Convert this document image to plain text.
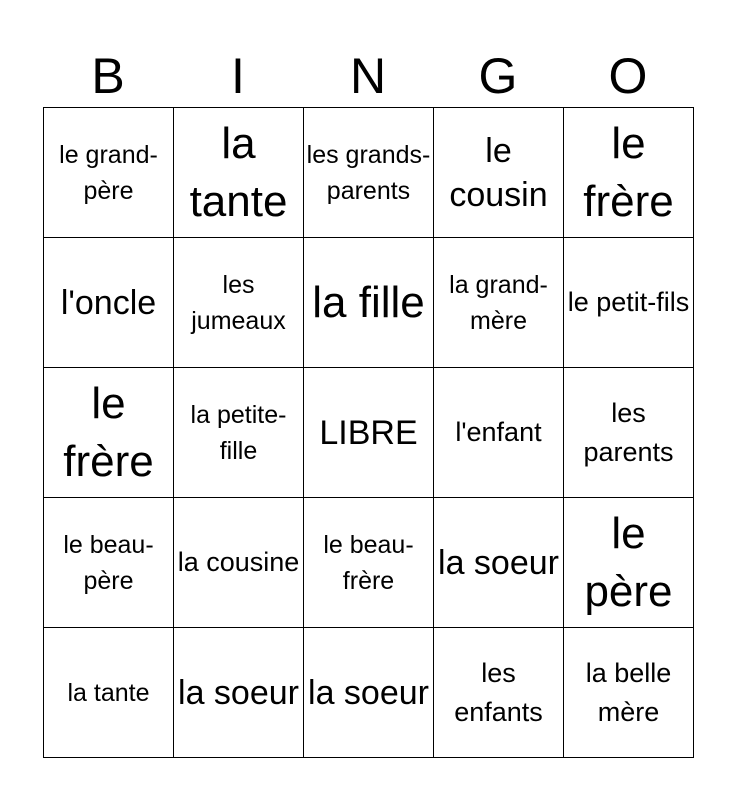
B	I	N	G	O
le grand-père	la tante	les grands-parents	le cousin	le frère
l'oncle	les jumeaux	la fille	la grand-mère	le petit-fils
le frère	la petite-fille	LIBRE	l'enfant	les parents
le beau-père	la cousine	le beau-frère	la soeur	le père
la tante	la soeur	la soeur	les enfants	la belle mère
